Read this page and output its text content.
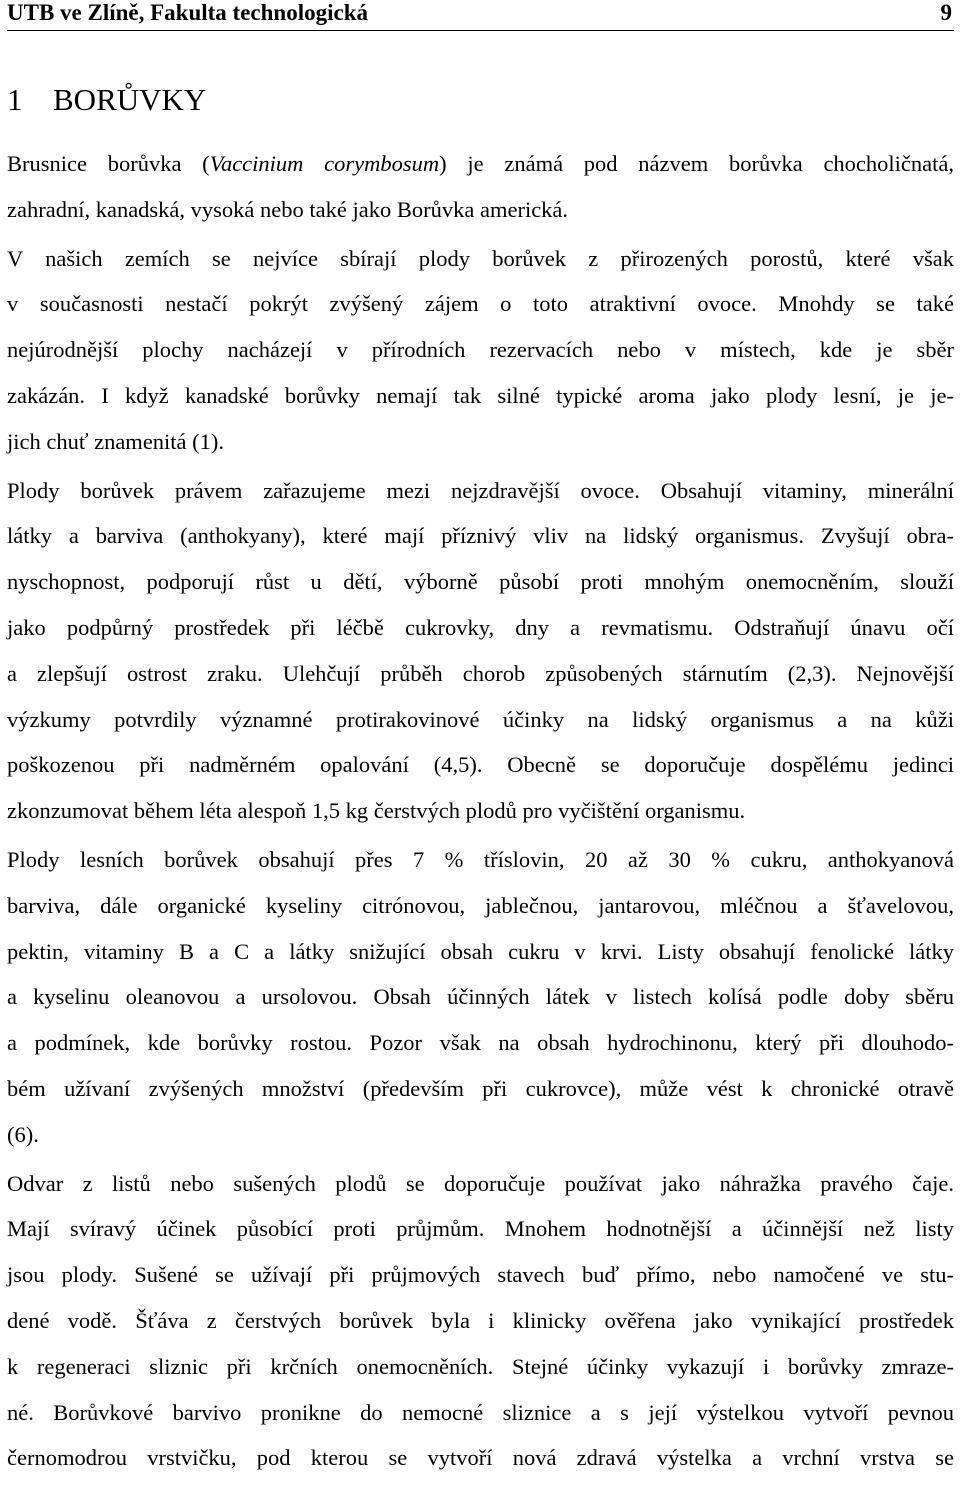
UTB ve Zlíně, Fakulta technologická	9
1 BORŮVKY
Brusnice borůvka (Vaccinium corymbosum) je známá pod názvem borůvka chocholičnatá,
zahradní, kanadská, vysoká nebo také jako Borůvka americká.
V našich zemích se nejvíce sbírají plody borůvek z přirozených porostů, které však
v současnosti nestačí pokrýt zvýšený zájem o toto atraktivní ovoce. Mnohdy se také
nejúrodnější plochy nacházejí v přírodních rezervacích nebo v místech, kde je sběr
zakázán. I když kanadské borůvky nemají tak silné typické aroma jako plody lesní, je je-
jich chuť znamenitá (1).
Plody borůvek právem zařazujeme mezi nejzdravější ovoce. Obsahují vitaminy, minerální
látky a barviva (anthokyany), které mají příznivý vliv na lidský organismus. Zvyšují obra-
nyschopnost, podporují růst u dětí, výborně působí proti mnohým onemocněním, slouží
jako podpůrný prostředek při léčbě cukrovky, dny a revmatismu. Odstraňují únavu očí
a zlepšují ostrost zraku. Ulehčují průběh chorob způsobených stárnutím (2,3). Nejnovější
výzkumy potvrdily významné protirakovinové účinky na lidský organismus a na kůži
poškozenou při nadměrném opalování (4,5). Obecně se doporučuje dospělému jedinci
zkonzumovat během léta alespoň 1,5 kg čerstvých plodů pro vyčištění organismu.
Plody lesních borůvek obsahují přes 7 % tříslovin, 20 až 30 % cukru, anthokyanová
barviva, dále organické kyseliny citrónovou, jablečnou, jantarovou, mléčnou a šťavelovou,
pektin, vitaminy B a C a látky snižující obsah cukru v krvi. Listy obsahují fenolické látky
a kyselinu oleanovou a ursolovou. Obsah účinných látek v listech kolísá podle doby sběru
a podmínek, kde borůvky rostou. Pozor však na obsah hydrochinonu, který při dlouhodo-
bém užívaní zvýšených množství (především při cukrovce), může vést k chronické otravě
(6).
Odvar z listů nebo sušených plodů se doporučuje používat jako náhražka pravého čaje.
Mají svíravý účinek působící proti průjmům. Mnohem hodnotnější a účinnější než listy
jsou plody. Sušené se užívají při průjmových stavech buď přímo, nebo namočené ve stu-
dené vodě. Šťáva z čerstvých borůvek byla i klinicky ověřena jako vynikající prostředek
k regeneraci sliznic při krčních onemocněních. Stejné účinky vykazují i borůvky zmraze-
né. Borůvkové barvivo pronikne do nemocné sliznice a s její výstelkou vytvoří pevnou
černomodrou vrstvičku, pod kterou se vytvoří nová zdravá výstelka a vrchní vrstva se
